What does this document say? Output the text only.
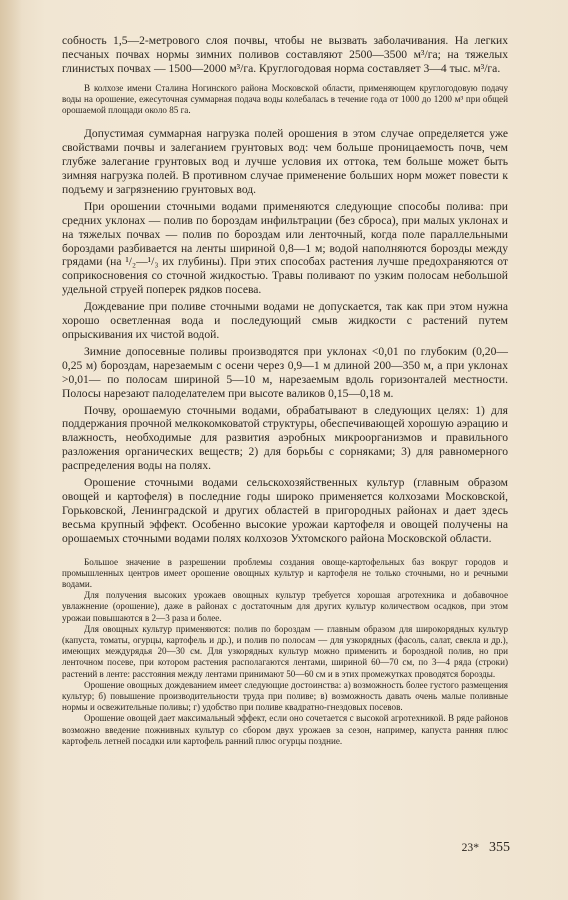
собность 1,5—2-метрового слоя почвы, чтобы не вызвать заболачивания. На легких песчаных почвах нормы зимних поливов составляют 2500—3500 м³/га; на тяжелых глинистых почвах — 1500—2000 м³/га. Круглогодовая норма составляет 3—4 тыс. м³/га.

В колхозе имени Сталина Ногинского района Московской области, применяющем круглогодовую подачу воды на орошение, ежесуточная суммарная подача воды колебалась в течение года от 1000 до 1200 м³ при общей орошаемой площади около 85 га.

Допустимая суммарная нагрузка полей орошения в этом случае определяется уже свойствами почвы и залеганием грунтовых вод: чем больше проницаемость почв, чем глубже залегание грунтовых вод и лучше условия их оттока, тем больше может быть зимняя нагрузка полей. В противном случае применение больших норм может повести к подъему и загрязнению грунтовых вод.

При орошении сточными водами применяются следующие способы полива: при средних уклонах — полив по бороздам инфильтрации (без сброса), при малых уклонах и на тяжелых почвах — полив по бороздам или ленточный, когда поле параллельными бороздами разбивается на ленты шириной 0,8—1 м; водой наполняются борозды между грядами (на ¹/₂—¹/₃ их глубины). При этих способах растения лучше предохраняются от соприкосновения со сточной жидкостью. Травы поливают по узким полосам небольшой удельной струей поперек рядков посева.

Дождевание при поливе сточными водами не допускается, так как при этом нужна хорошо осветленная вода и последующий смыв жидкости с растений путем опрыскивания их чистой водой.

Зимние допосевные поливы производятся при уклонах <0,01 по глубоким (0,20—0,25 м) бороздам, нарезаемым с осени через 0,9—1 м длиной 200—350 м, а при уклонах >0,01— по полосам шириной 5—10 м, нарезаемым вдоль горизонталей местности. Полосы нарезают палоделателем при высоте валиков 0,15—0,18 м.

Почву, орошаемую сточными водами, обрабатывают в следующих целях: 1) для поддержания прочной мелкокомковатой структуры, обеспечивающей хорошую аэрацию и влажность, необходимые для развития аэробных микроорганизмов и правильного разложения органических веществ; 2) для борьбы с сорняками; 3) для равномерного распределения воды на полях.

Орошение сточными водами сельскохозяйственных культур (главным образом овощей и картофеля) в последние годы широко применяется колхозами Московской, Горьковской, Ленинградской и других областей в пригородных районах и дает здесь весьма крупный эффект. Особенно высокие урожаи картофеля и овощей получены на орошаемых сточными водами полях колхозов Ухтомского района Московской области.

Большое значение в разрешении проблемы создания овоще-картофельных баз вокруг городов и промышленных центров имеет орошение овощных культур и картофеля не только сточными, но и речными водами.

Для получения высоких урожаев овощных культур требуется хорошая агротехника и добавочное увлажнение (орошение), даже в районах с достаточным для других культур количеством осадков, при этом урожаи повышаются в 2—3 раза и более.

Для овощных культур применяются: полив по бороздам — главным образом для широкорядных культур (капуста, томаты, огурцы, картофель и др.), и полив по полосам — для узкорядных (фасоль, салат, свекла и др.), имеющих междурядья 20—30 см. Для узкорядных культур можно применить и бороздной полив, но при ленточном посеве, при котором растения располагаются лентами, шириной 60—70 см, по 3—4 ряда (строки) растений в ленте: расстояния между лентами принимают 50—60 см и в этих промежутках проводятся борозды.

Орошение овощных дождеванием имеет следующие достоинства: а) возможность более густого размещения культур; б) повышение производительности труда при поливе; в) возможность давать очень малые поливные нормы и освежительные поливы; г) удобство при поливе квадратно-гнездовых посевов.

Орошение овощей дает максимальный эффект, если оно сочетается с высокой агротехникой. В ряде районов возможно введение пожнивных культур со сбором двух урожаев за сезон, например, капуста ранняя плюс картофель летней посадки или картофель ранний плюс огурцы поздние.

23* 355
